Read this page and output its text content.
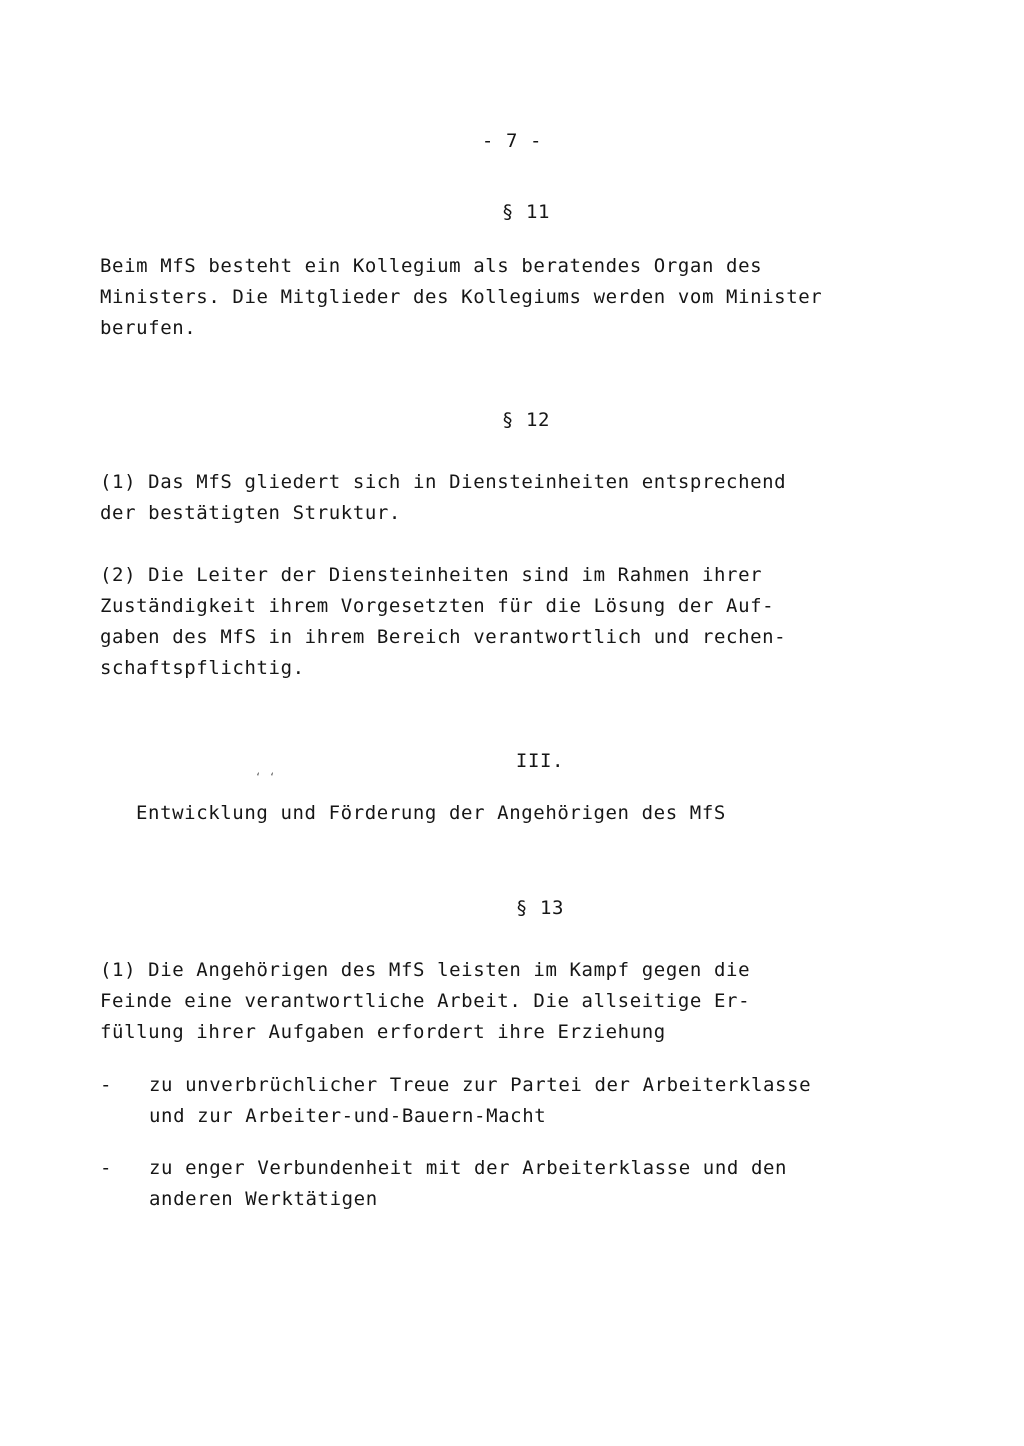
- 7 -
§ 11
Beim MfS besteht ein Kollegium als beratendes Organ des
Ministers. Die Mitglieder des Kollegiums werden vom Minister
berufen.
§ 12
(1) Das MfS gliedert sich in Diensteinheiten entsprechend
der bestätigten Struktur.
(2) Die Leiter der Diensteinheiten sind im Rahmen ihrer
Zuständigkeit ihrem Vorgesetzten für die Lösung der Auf-
gaben des MfS in ihrem Bereich verantwortlich und rechen-
schaftspflichtig.
III.
‘ ‘
Entwicklung und Förderung der Angehörigen des MfS
§ 13
(1) Die Angehörigen des MfS leisten im Kampf gegen die
Feinde eine verantwortliche Arbeit. Die allseitige Er-
füllung ihrer Aufgaben erfordert ihre Erziehung
- zu unverbrüchlicher Treue zur Partei der Arbeiterklasse
und zur Arbeiter-und-Bauern-Macht
- zu enger Verbundenheit mit der Arbeiterklasse und den
anderen Werktätigen
